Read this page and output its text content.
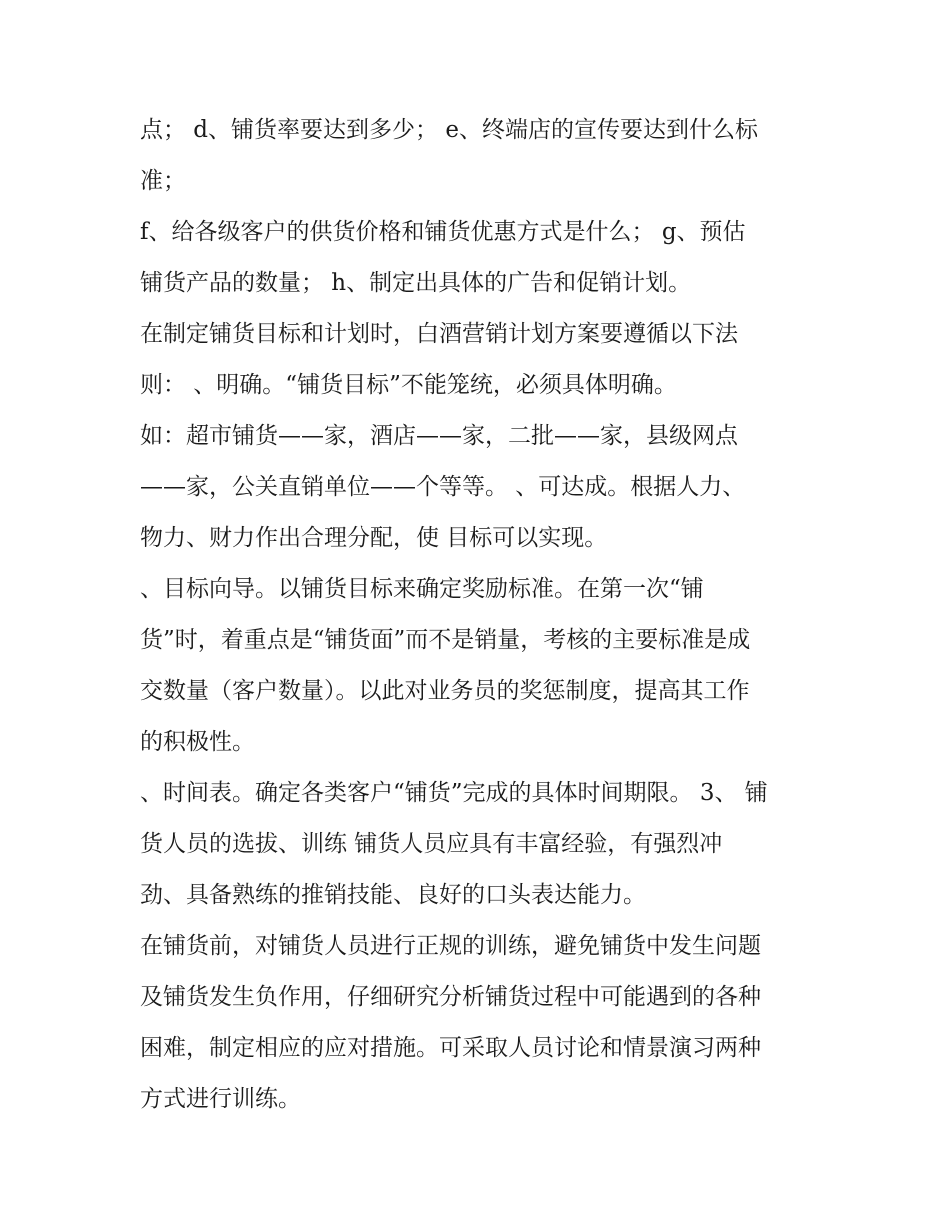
点； d、铺货率要达到多少； e、终端店的宣传要达到什么标
准；
f、给各级客户的供货价格和铺货优惠方式是什么； g、预估
铺货产品的数量； h、制定出具体的广告和促销计划。
在制定铺货目标和计划时，白酒营销计划方案要遵循以下法
则： 、明确。“铺货目标”不能笼统，必须具体明确。
如：超市铺货——家，酒店——家，二批——家，县级网点
——家，公关直销单位——个等等。 、可达成。根据人力、
物力、财力作出合理分配，使 目标可以实现。
、目标向导。以铺货目标来确定奖励标准。在第一次“铺
货”时，着重点是“铺货面”而不是销量，考核的主要标准是成
交数量（客户数量）。以此对业务员的奖惩制度，提高其工作
的积极性。
、时间表。确定各类客户“铺货”完成的具体时间期限。 3、 铺
货人员的选拔、训练 铺货人员应具有丰富经验，有强烈冲
劲、具备熟练的推销技能、良好的口头表达能力。
在铺货前，对铺货人员进行正规的训练，避免铺货中发生问题
及铺货发生负作用，仔细研究分析铺货过程中可能遇到的各种
困难，制定相应的应对措施。可采取人员讨论和情景演习两种
方式进行训练。
